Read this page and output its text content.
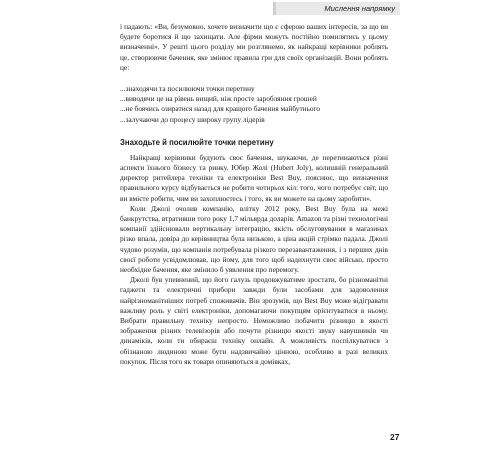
Мислення напрямку

і падають: «Ви, безумовно, хочете визначити що є сферою ваших інтересів, за що ви будете боротися й що захищати. Але фірми можуть постійно помилятись у цьому визначенні». У решті цього розділу ми розглянемо, як найкращі керівники роблять це, створюючи бачення, яке змінює правила гри для своїх організацій. Вони роблять це:

...знаходячи та посилюючи точки перетину

...виводячи це на рівень вищий, ніж просте заробляння грошей

...не боячись озиратися назад для кращого бачення майбутнього

...залучаючи до процесу широку групу лідерів

Знаходьте й посилюйте точки перетину

Найкращі керівники будують своє бачення, шукаючи, де перетинаються різні аспекти їхнього бізнесу та ринку. Юбер Жолі (Hubert Joly), колишній генеральний директор ритейлера техніки та електроніки Best Buy, пояснює, що визначення правильного курсу відбувається не робити чотирьох кіл: того, чого потребує світ, що ви вмієте робити, чим ви захоплюєтесь і того, як ви можете на цьому заробити».

Коли Джолі очолив компанію, влітку 2012 року, Best Buy була на межі банкрутства, втративши того року 1,7 мільярда доларів. Amazon та різні технологічні компанії здійснювали вертикальну інтеграцію, якість обслуговування в магазинах різко впала, довіра до керівництва була низькою, а ціна акцій стрімко падала. Джолі чудово розумів, що компанія потребувала різкого перезавантаження, і з перших днів своєї роботи усвідомлював, що йому, для того щоб надихнути своє військо, просто необхідне бачення, яке змінило б уявлення про перемогу.

Джолі був упевнений, що його галузь продовжуватиме зростати, бо різноманітні гаджети та електричні прибори завжди були засобами для задоволення найрізноманітніших потреб споживачів. Він зрозумів, що Best Buy може відігравати важливу роль у світі електроніки, допомагаючи покупцям орієнтуватися в ньому. Вибрати правильну техніку непросто. Неможливо побачити різницю в якості зображення різних телевізорів або почути різницю якості звуку навушників чи динаміків, коли ти обираєш техніку онлайн. А можливість поспілкуватися з обізнаною людиною може бути надзвичайно цінною, особливо в разі великих покупок. Після того як товари опиняються в домівках,

27
